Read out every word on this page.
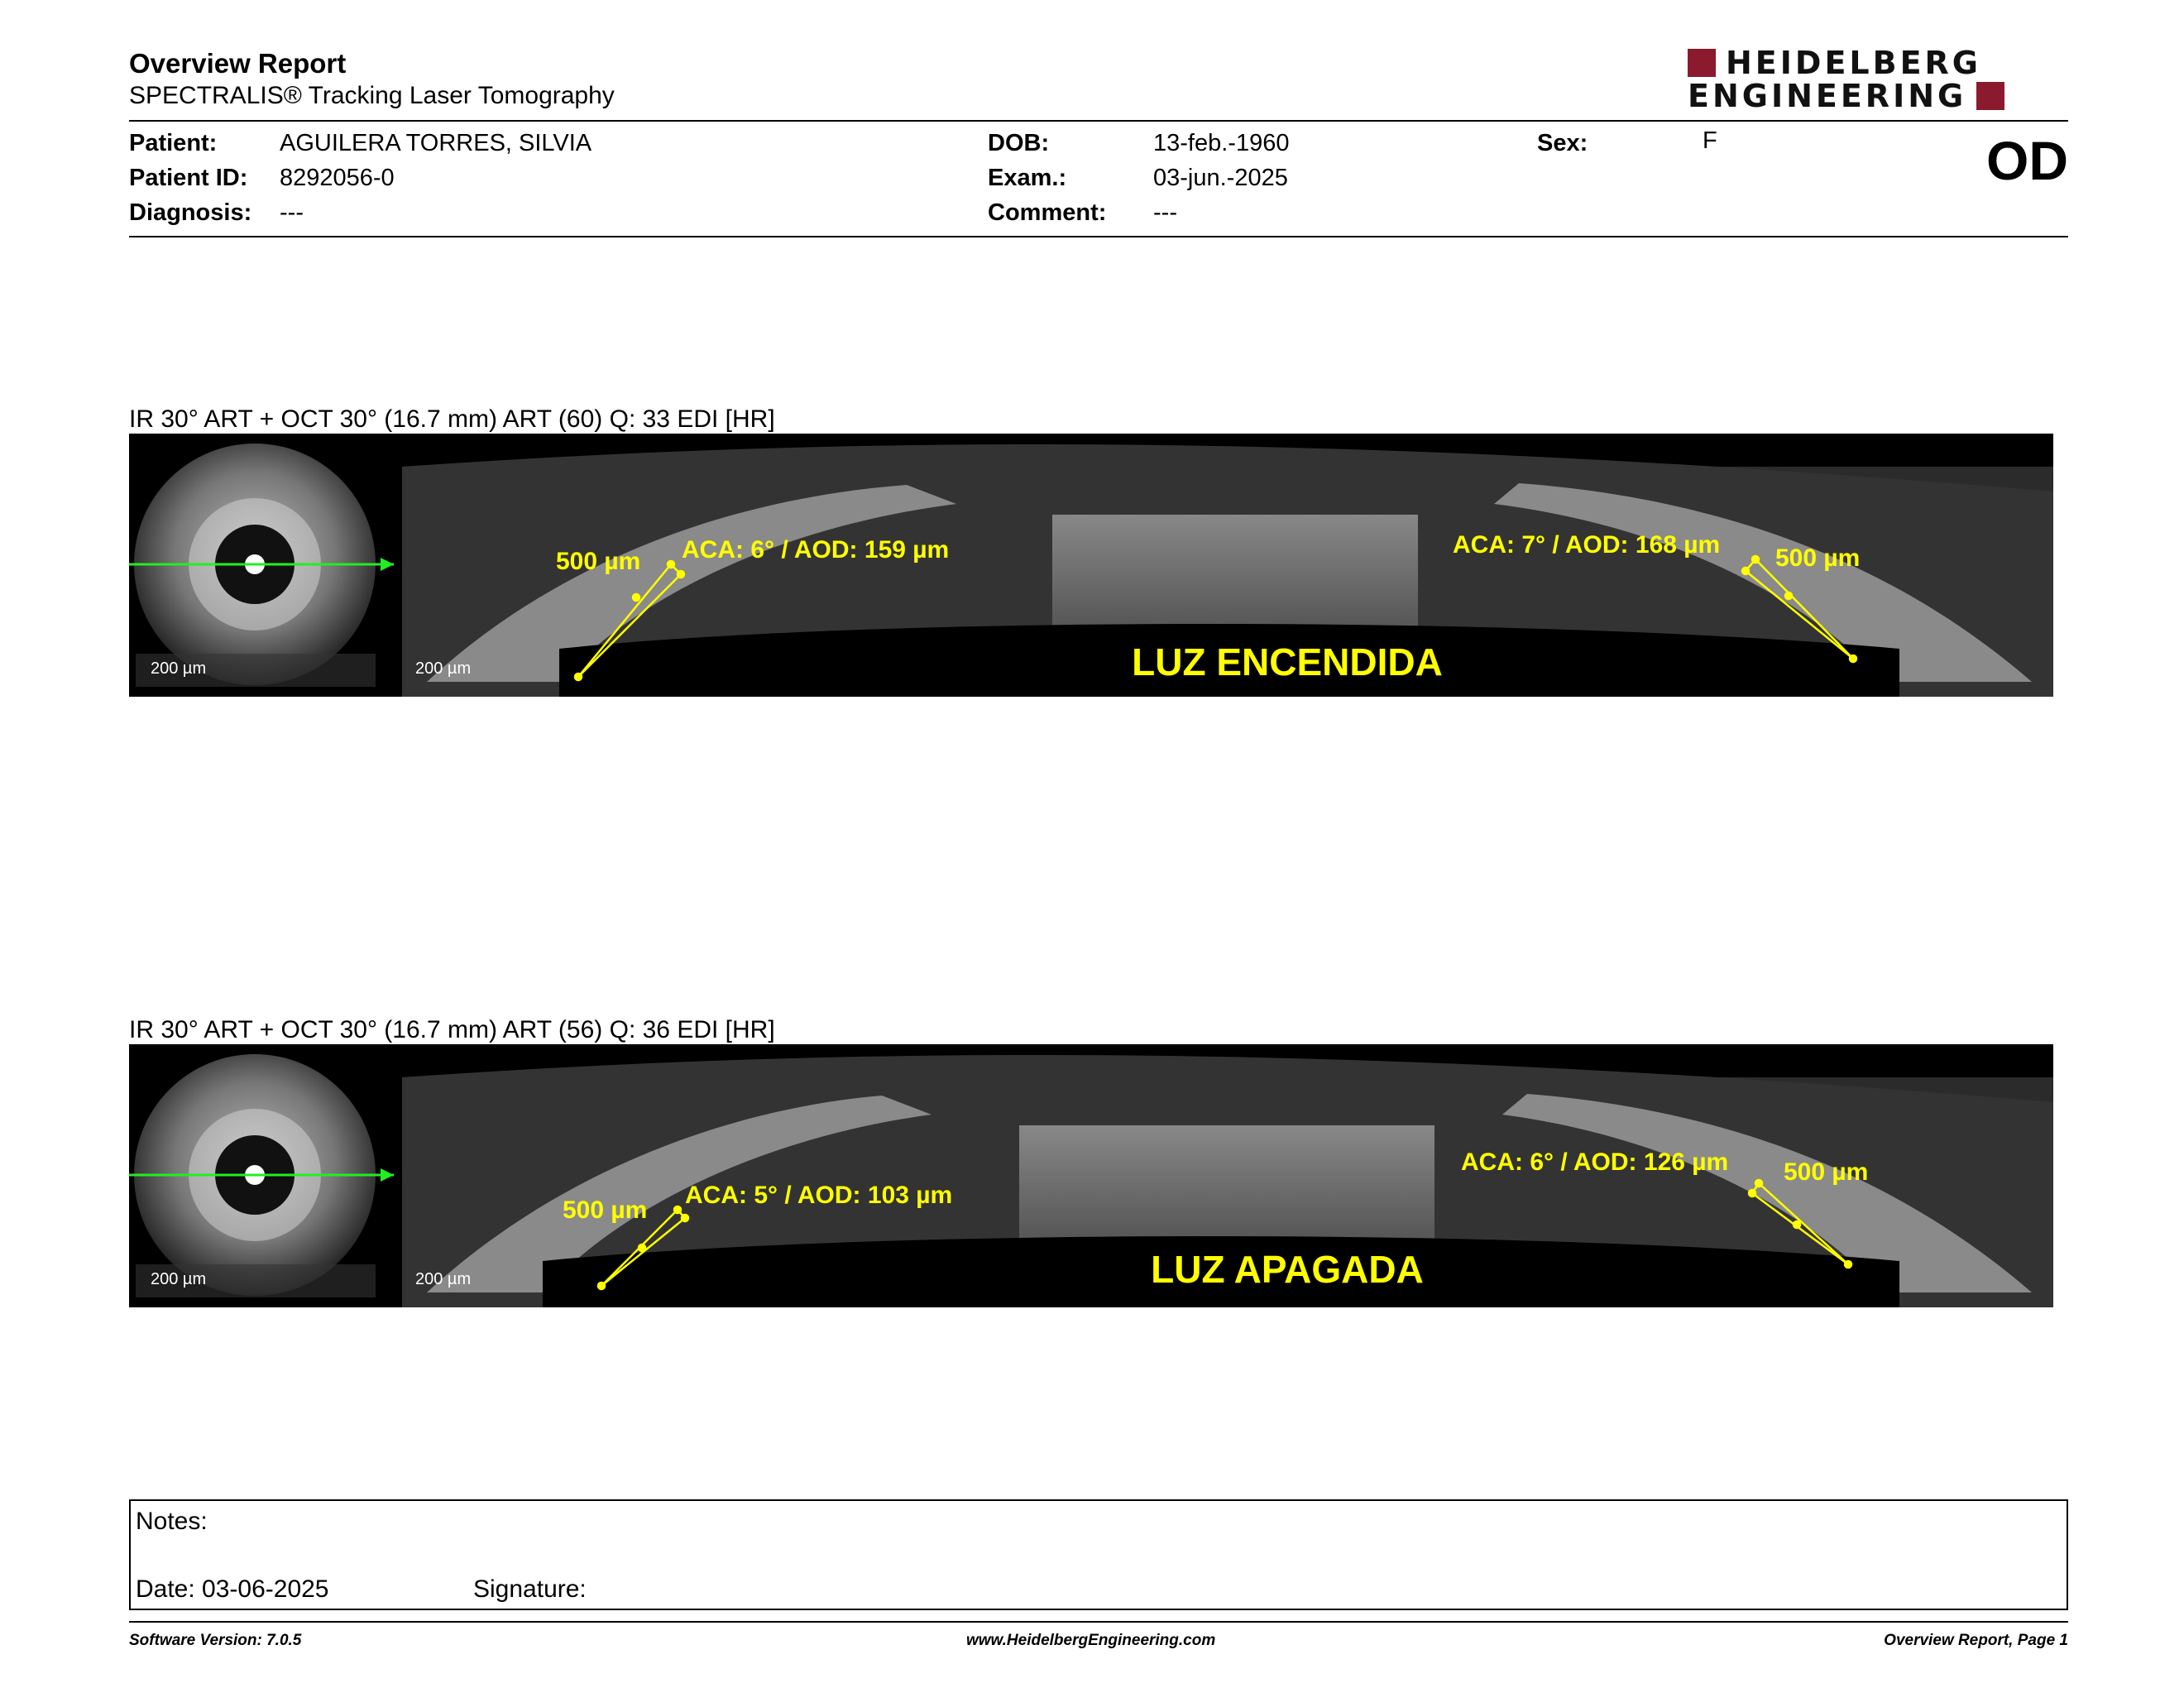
Overview Report
SPECTRALIS® Tracking Laser Tomography
HEIDELBERG
ENGINEERING
Patient:	AGUILERA TORRES, SILVIA
Patient ID: 8292056-0
Diagnosis: ---
DOB:	13-feb.-1960
Exam.:	03-jun.-2025
Comment: ---
Sex:	F	OD
IR 30° ART + OCT 30° (16.7 mm) ART (60) Q: 33 EDI [HR]
200 µm	200 µm
500 µm ACA: 6° / AOD: 159 µm	ACA: 7° / AOD: 168 µm 500 µm
LUZ ENCENDIDA
IR 30° ART + OCT 30° (16.7 mm) ART (56) Q: 36 EDI [HR]
200 µm	200 µm
500 µm
ACA: 5° / AOD: 103 µm
ACA: 6° / AOD: 126 µm 500 µm
LUZ APAGADA
Notes:
Date: 03-06-2025	Signature:
Software Version: 7.0.5	www.HeidelbergEngineering.com	Overview Report, Page 1
